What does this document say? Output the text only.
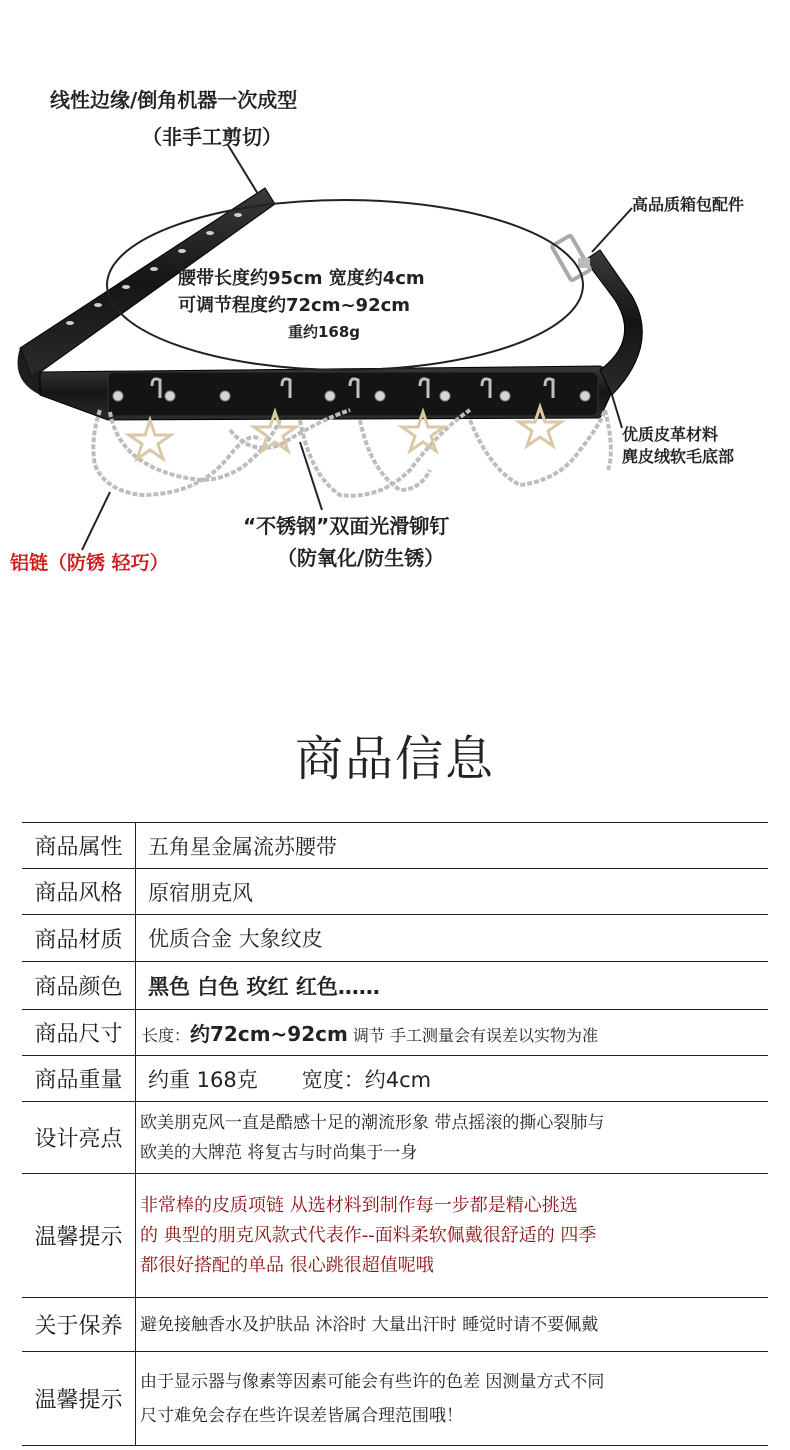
线性边缘/倒角机器一次成型
（非手工剪切）
高品质箱包配件
腰带长度约95cm 宽度约4cm
可调节程度约72cm~92cm
重约168g
优质皮革材料
麂皮绒软毛底部
“不锈钢”双面光滑铆钉
（防氧化/防生锈）
铝链（防锈 轻巧）
商品信息
商品属性	五角星金属流苏腰带
商品风格	原宿朋克风
商品材质	优质合金 大象纹皮
商品颜色	黑色 白色 玫红 红色……
商品尺寸	长度：约72cm~92cm 调节 手工测量会有误差以实物为准
商品重量	约重 168克 宽度：约4cm
设计亮点	欧美朋克风一直是酷感十足的潮流形象 带点摇滚的撕心裂肺与
欧美的大牌范 将复古与时尚集于一身

温馨提示	非常棒的皮质项链 从选材料到制作每一步都是精心挑选
的 典型的朋克风款式代表作--面料柔软佩戴很舒适的 四季
都很好搭配的单品 很心跳很超值呢哦

关于保养	避免接触香水及护肤品 沐浴时 大量出汗时 睡觉时请不要佩戴
温馨提示	由于显示器与像素等因素可能会有些许的色差 因测量方式不同
尺寸难免会存在些许误差皆属合理范围哦！
